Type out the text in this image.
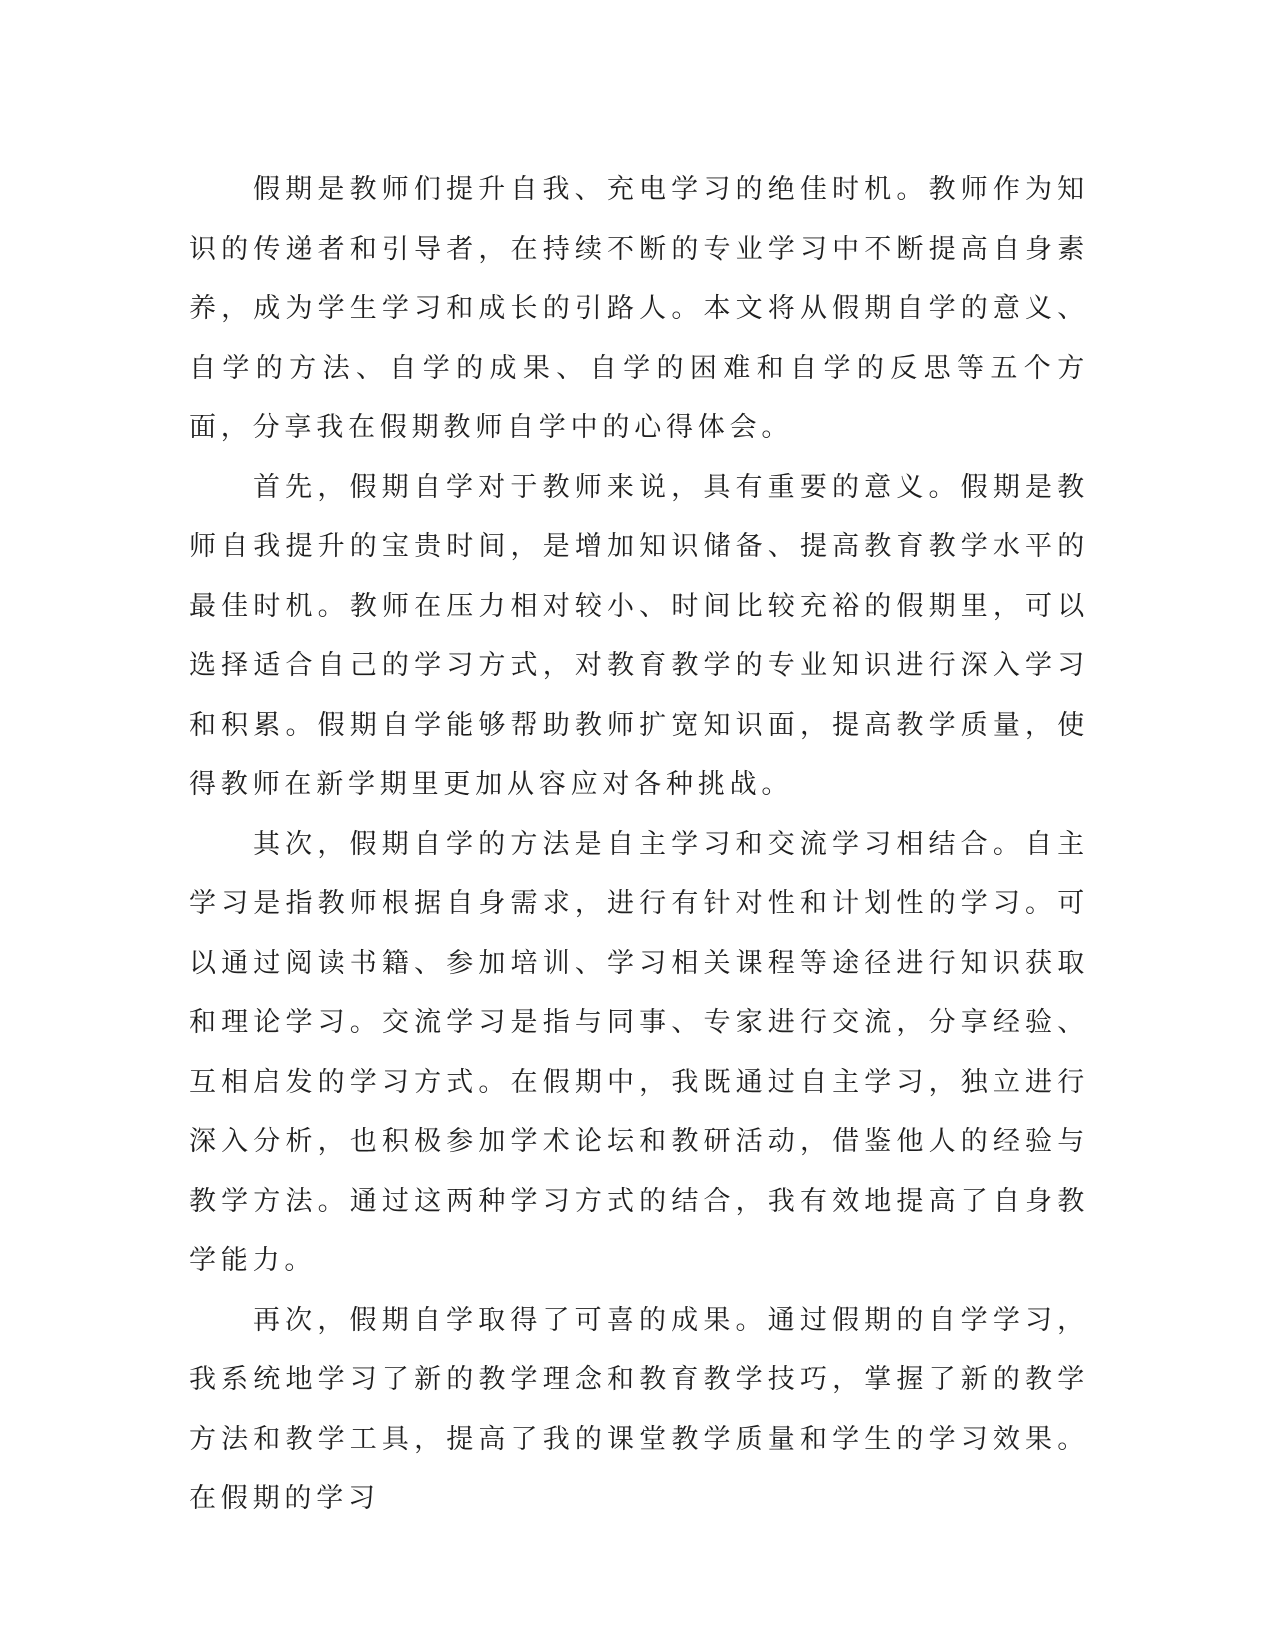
假期是教师们提升自我、充电学习的绝佳时机。教师作为知识的传递者和引导者，在持续不断的专业学习中不断提高自身素养，成为学生学习和成长的引路人。本文将从假期自学的意义、自学的方法、自学的成果、自学的困难和自学的反思等五个方面，分享我在假期教师自学中的心得体会。

首先，假期自学对于教师来说，具有重要的意义。假期是教师自我提升的宝贵时间，是增加知识储备、提高教育教学水平的最佳时机。教师在压力相对较小、时间比较充裕的假期里，可以选择适合自己的学习方式，对教育教学的专业知识进行深入学习和积累。假期自学能够帮助教师扩宽知识面，提高教学质量，使得教师在新学期里更加从容应对各种挑战。

其次，假期自学的方法是自主学习和交流学习相结合。自主学习是指教师根据自身需求，进行有针对性和计划性的学习。可以通过阅读书籍、参加培训、学习相关课程等途径进行知识获取和理论学习。交流学习是指与同事、专家进行交流，分享经验、互相启发的学习方式。在假期中，我既通过自主学习，独立进行深入分析，也积极参加学术论坛和教研活动，借鉴他人的经验与教学方法。通过这两种学习方式的结合，我有效地提高了自身教学能力。

再次，假期自学取得了可喜的成果。通过假期的自学学习，我系统地学习了新的教学理念和教育教学技巧，掌握了新的教学方法和教学工具，提高了我的课堂教学质量和学生的学习效果。在假期的学习
